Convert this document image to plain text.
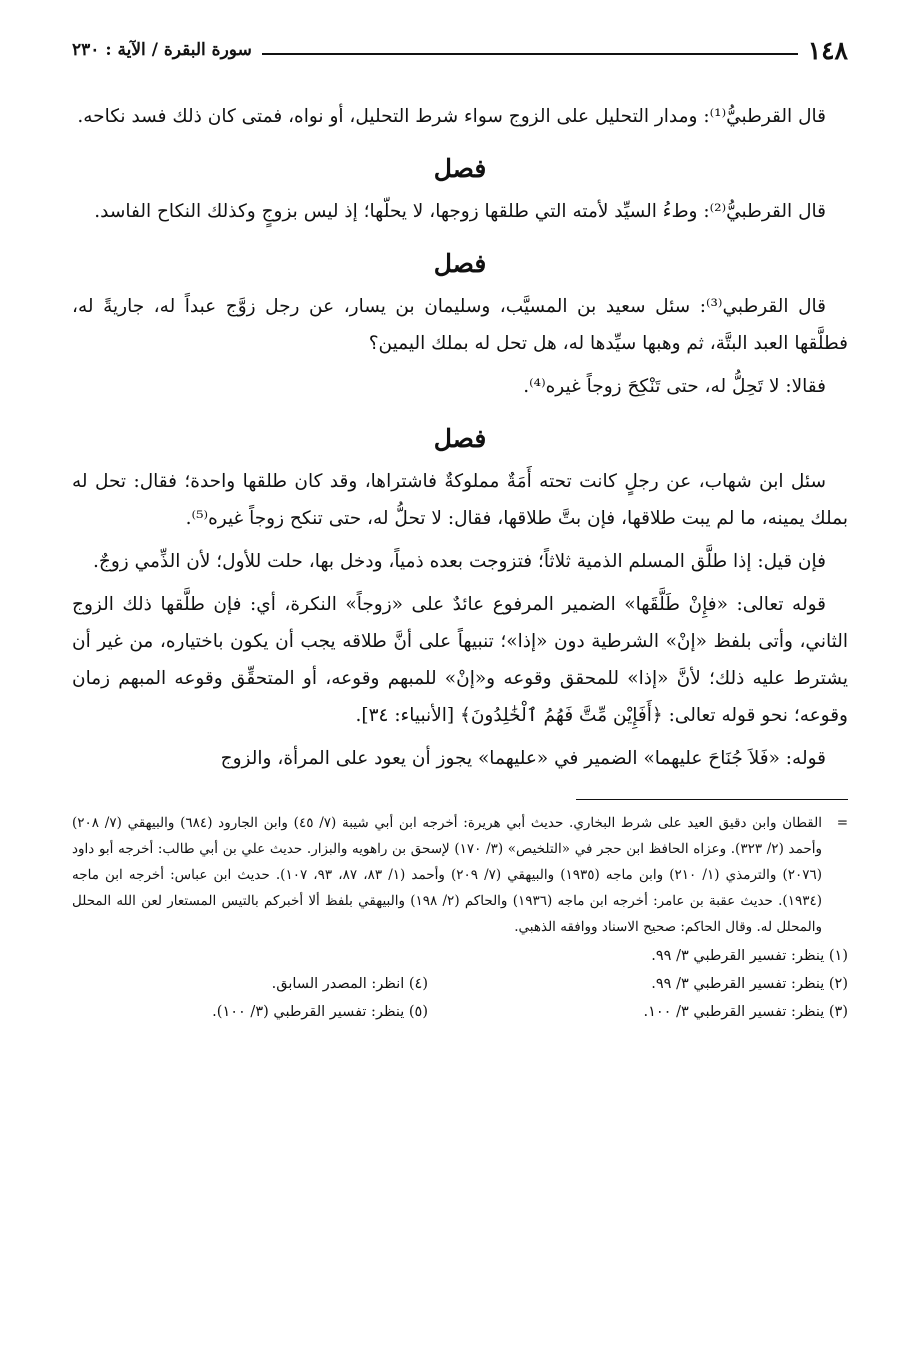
١٤٨
سورة البقرة / الآية : ٢٣٠

قال القرطبيُّ⁽¹⁾: ومدار التحليل على الزوج سواء شرط التحليل، أو نواه، فمتى كان ذلك فسد نكاحه.

فصل

قال القرطبيُّ⁽²⁾: وطءُ السيِّد لأمته التي طلقها زوجها، لا يحلّها؛ إذ ليس بزوجٍ وكذلك النكاح الفاسد.

فصل

قال القرطبي⁽³⁾: سئل سعيد بن المسيَّب، وسليمان بن يسار، عن رجل زوَّج عبداً له، جاريةً له، فطلَّقها العبد البتَّة، ثم وهبها سيِّدها له، هل تحل له بملك اليمين؟

فقالا: لا تَحِلُّ له، حتى تَنْكِحَ زوجاً غيره⁽⁴⁾.

فصل

سئل ابن شهاب، عن رجلٍ كانت تحته أَمَةٌ مملوكةٌ فاشتراها، وقد كان طلقها واحدة؛ فقال: تحل له بملك يمينه، ما لم يبت طلاقها، فإن بتَّ طلاقها، فقال: لا تحلُّ له، حتى تنكح زوجاً غيره⁽⁵⁾.

فإن قيل: إذا طلَّق المسلم الذمية ثلاثاً؛ فتزوجت بعده ذمياً، ودخل بها، حلت للأول؛ لأن الذِّمي زوجٌ.

قوله تعالى: «فإِنْ طَلَّقَها» الضمير المرفوع عائدٌ على «زوجاً» النكرة، أي: فإن طلَّقها ذلك الزوج الثاني، وأتى بلفظ «إنْ» الشرطية دون «إذا»؛ تنبيهاً على أنَّ طلاقه يجب أن يكون باختياره، من غير أن يشترط عليه ذلك؛ لأنَّ «إذا» للمحقق وقوعه و«إنْ» للمبهم وقوعه، أو المتحقِّق وقوعه المبهم زمان وقوعه؛ نحو قوله تعالى: ﴿أَفَإِيْن مِّتَّ فَهُمُ ٱلْخَٰلِدُونَ﴾ [الأنبياء: ٣٤].

قوله: «فَلاَ جُنَاحَ عليهما» الضمير في «عليهما» يجوز أن يعود على المرأة، والزوج

=
القطان وابن دقيق العيد على شرط البخاري. حديث أبي هريرة: أخرجه ابن أبي شيبة (٧/ ٤٥) وابن الجارود (٦٨٤) والبيهقي (٧/ ٢٠٨) وأحمد (٢/ ٣٢٣). وعزاه الحافظ ابن حجر في «التلخيص» (٣/ ١٧٠) لإسحق بن راهويه والبزار. حديث علي بن أبي طالب: أخرجه أبو داود (٢٠٧٦) والترمذي (١/ ٢١٠) وابن ماجه (١٩٣٥) والبيهقي (٧/ ٢٠٩) وأحمد (١/ ٨٣، ٨٧، ٩٣، ١٠٧). حديث ابن عباس: أخرجه ابن ماجه (١٩٣٤). حديث عقبة بن عامر: أخرجه ابن ماجه (١٩٣٦) والحاكم (٢/ ١٩٨) والبيهقي بلفظ ألا أخبركم بالتيس المستعار لعن الله المحلل والمحلل له. وقال الحاكم: صحيح الاسناد ووافقه الذهبي.
(١) ينظر: تفسير القرطبي ٣/ ٩٩.
(٢) ينظر: تفسير القرطبي ٣/ ٩٩.
(٤) انظر: المصدر السابق.
(٣) ينظر: تفسير القرطبي ٣/ ١٠٠.
(٥) ينظر: تفسير القرطبي (٣/ ١٠٠).
